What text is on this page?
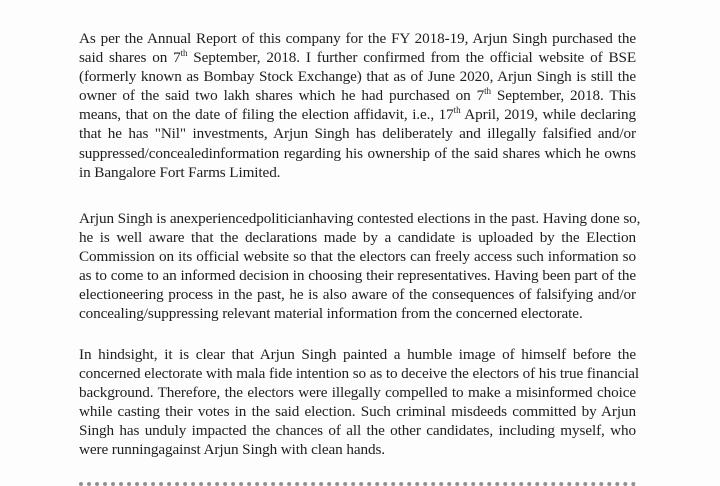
As per the Annual Report of this company for the FY 2018-19, Arjun Singh purchased the
said shares on 7th September, 2018. I further confirmed from the official website of BSE
(formerly known as Bombay Stock Exchange) that as of June 2020, Arjun Singh is still the
owner of the said two lakh shares which he had purchased on 7th September, 2018. This
means, that on the date of filing the election affidavit, i.e., 17th April, 2019, while declaring
that he has "Nil" investments, Arjun Singh has deliberately and illegally falsified and/or
suppressed/concealedinformation regarding his ownership of the said shares which he owns
in Bangalore Fort Farms Limited.

Arjun Singh is anexperiencedpoliticianhaving contested elections in the past. Having done so,
he is well aware that the declarations made by a candidate is uploaded by the Election
Commission on its official website so that the electors can freely access such information so
as to come to an informed decision in choosing their representatives. Having been part of the
electioneering process in the past, he is also aware of the consequences of falsifying and/or
concealing/suppressing relevant material information from the concerned electorate.

In hindsight, it is clear that Arjun Singh painted a humble image of himself before the
concerned electorate with mala fide intention so as to deceive the electors of his true financial
background. Therefore, the electors were illegally compelled to make a misinformed choice
while casting their votes in the said election. Such criminal misdeeds committed by Arjun
Singh has unduly impacted the chances of all the other candidates, including myself, who
were runningagainst Arjun Singh with clean hands.
